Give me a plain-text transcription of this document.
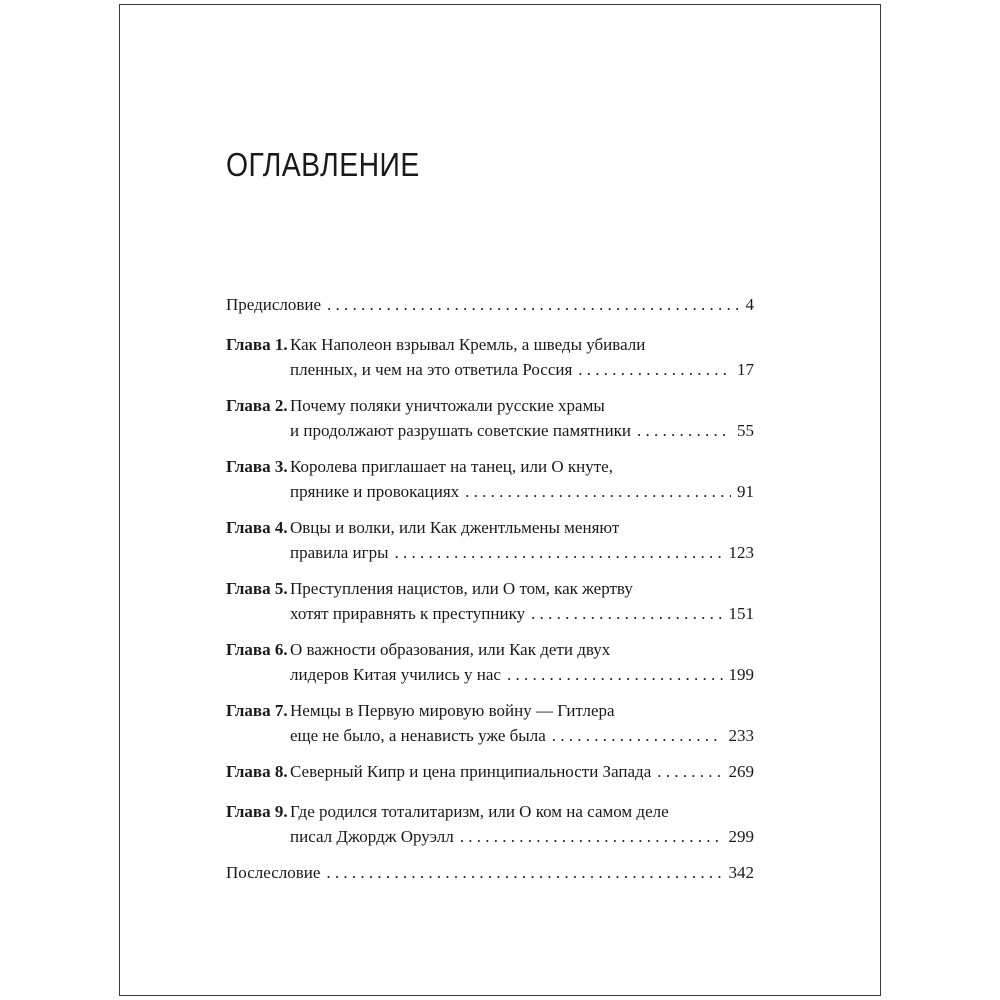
ОГЛАВЛЕНИЕ
Предисловие . . .	4
Глава 1. Как Наполеон взрывал Кремль, а шведы убивали
пленных, и чем на это ответила Россия . . .	17
Глава 2. Почему поляки уничтожали русские храмы
и продолжают разрушать советские памятники . . .	55
Глава 3. Королева приглашает на танец, или О кнуте,
прянике и провокациях . . .	91
Глава 4. Овцы и волки, или Как джентльмены меняют
правила игры . . .	123
Глава 5. Преступления нацистов, или О том, как жертву
хотят приравнять к преступнику . . .	151
Глава 6. О важности образования, или Как дети двух
лидеров Китая учились у нас . . .	199
Глава 7. Немцы в Первую мировую войну — Гитлера
еще не было, а ненависть уже была . . .	233
Глава 8. Северный Кипр и цена принципиальности Запада . . .	269
Глава 9. Где родился тоталитаризм, или О ком на самом деле
писал Джордж Оруэлл . . .	299
Послесловие . . .	342
